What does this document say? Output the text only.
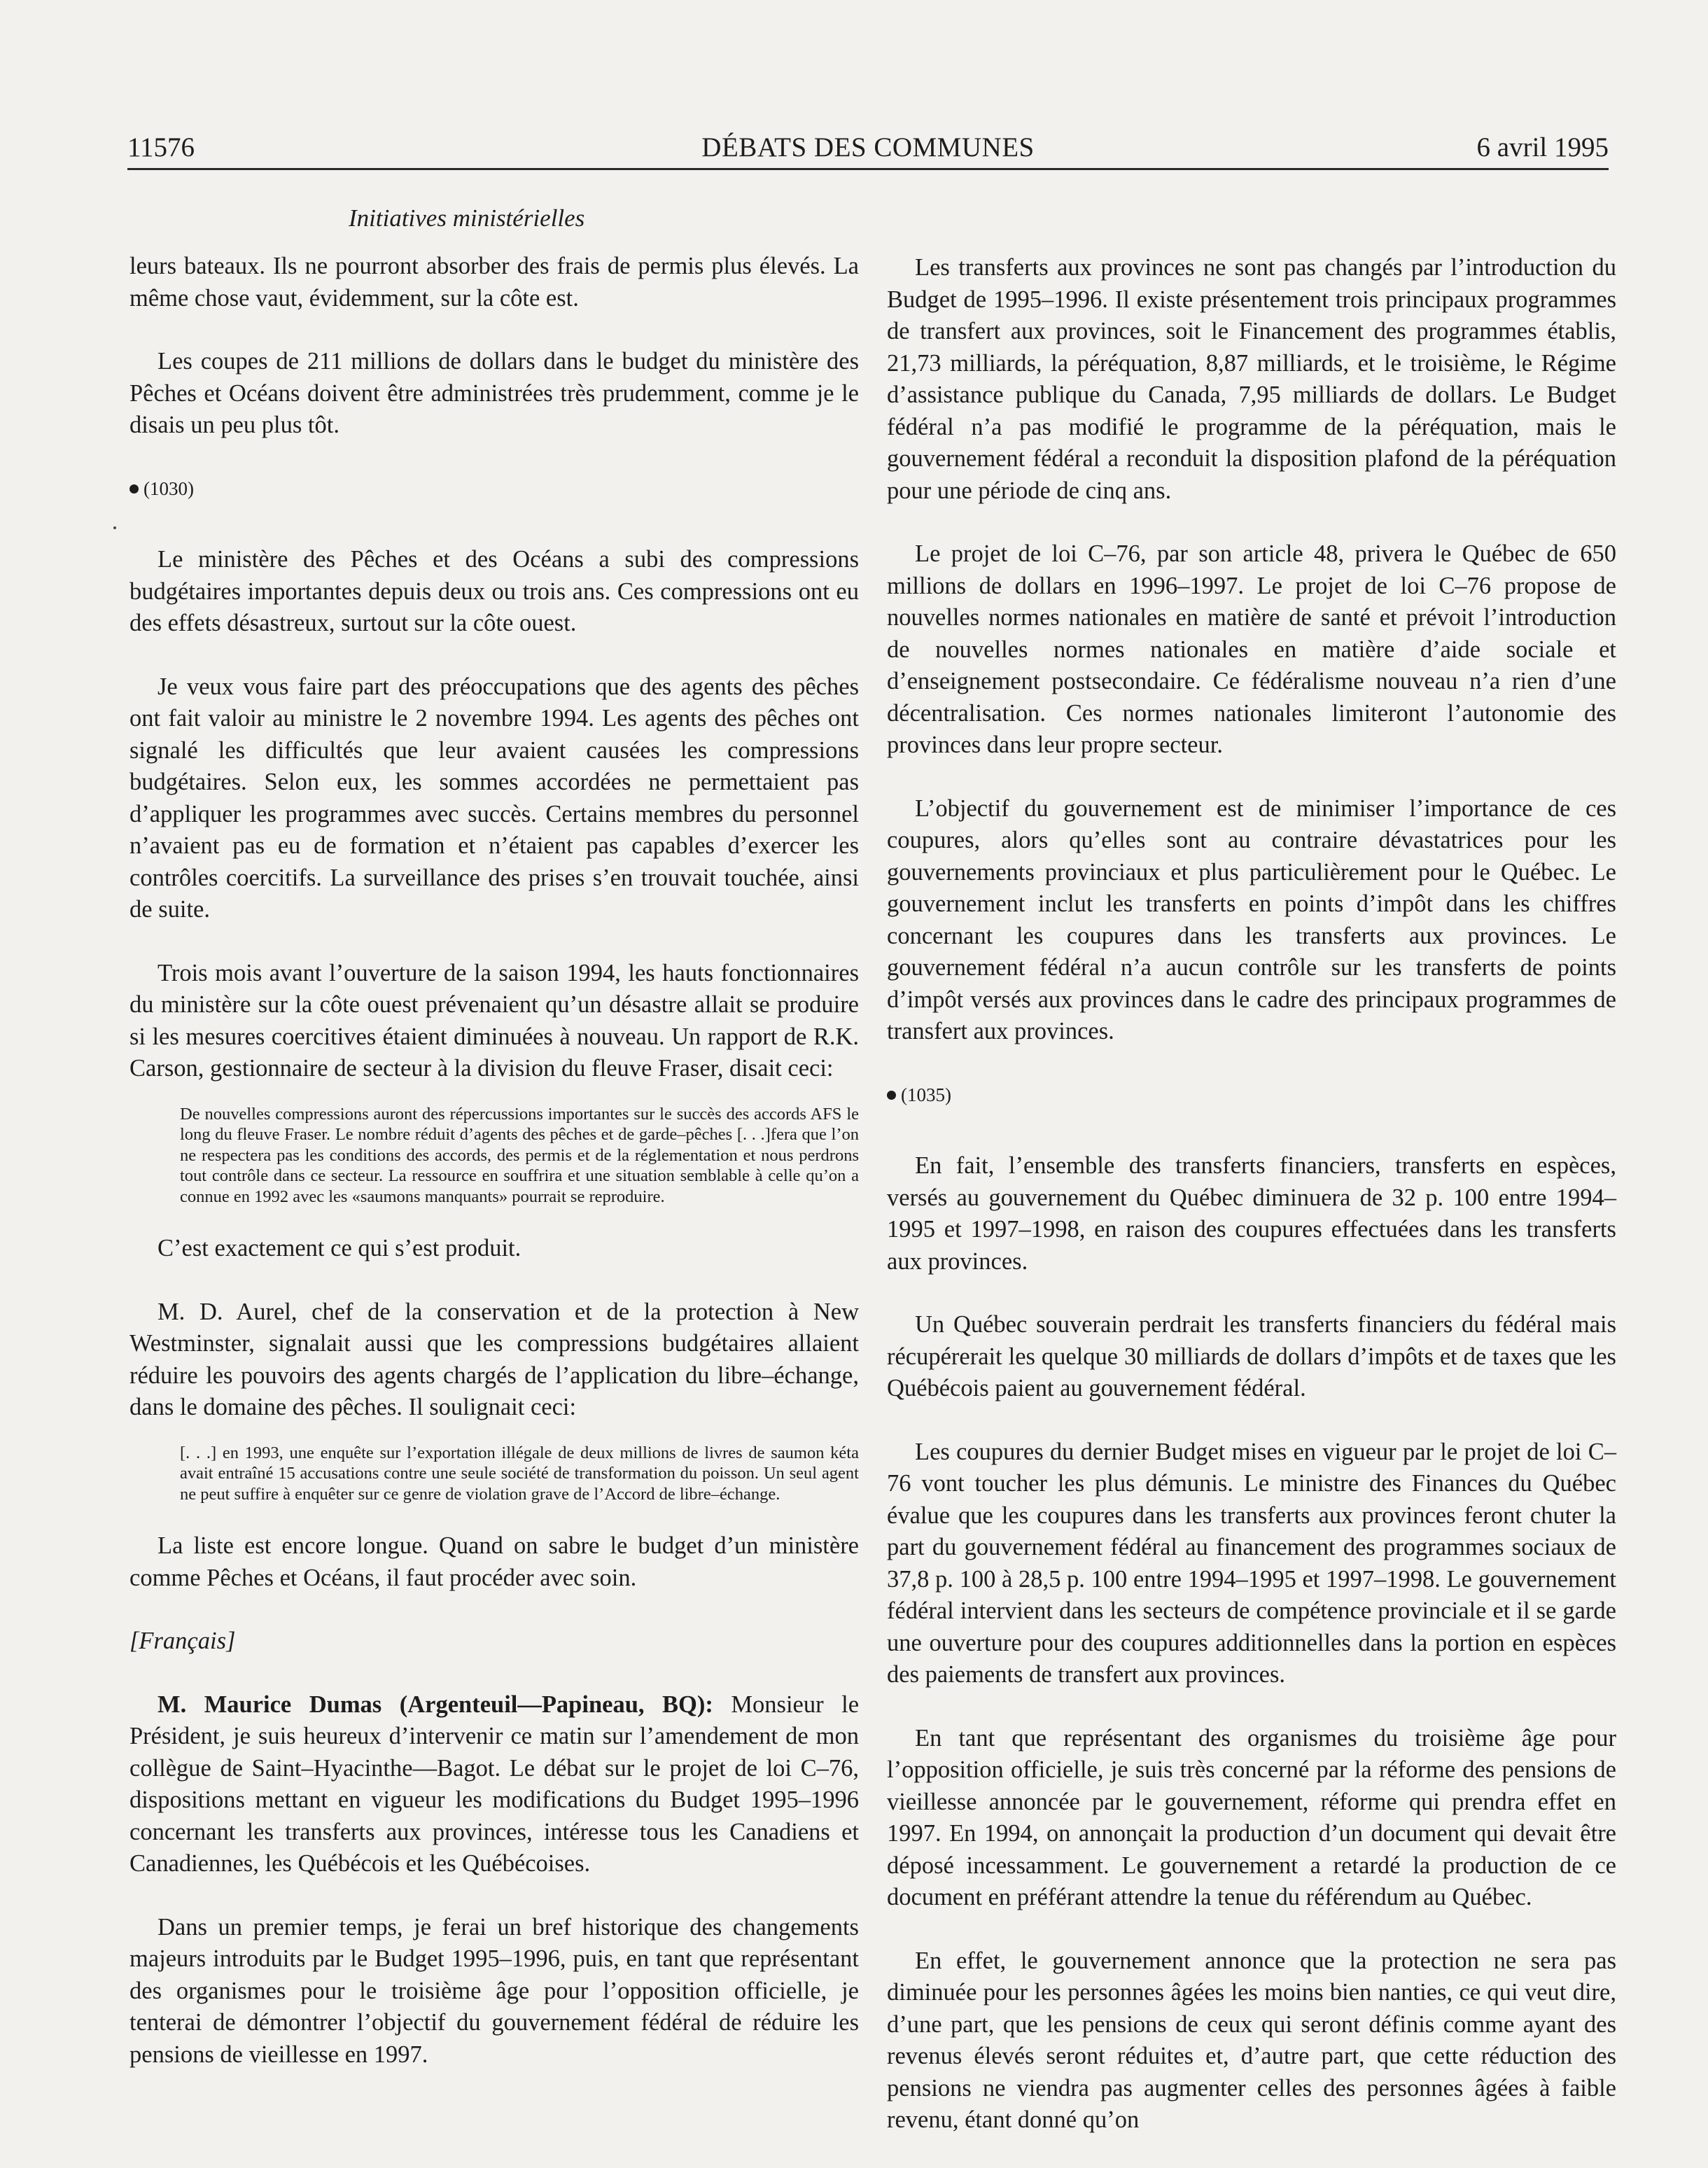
11576	DÉBATS DES COMMUNES	6 avril 1995
Initiatives ministérielles

leurs bateaux. Ils ne pourront absorber des frais de permis plus élevés. La même chose vaut, évidemment, sur la côte est.

Les coupes de 211 millions de dollars dans le budget du ministère des Pêches et Océans doivent être administrées très prudemment, comme je le disais un peu plus tôt.

(1030)

Le ministère des Pêches et des Océans a subi des compressions budgétaires importantes depuis deux ou trois ans. Ces compressions ont eu des effets désastreux, surtout sur la côte ouest.

Je veux vous faire part des préoccupations que des agents des pêches ont fait valoir au ministre le 2 novembre 1994. Les agents des pêches ont signalé les difficultés que leur avaient causées les compressions budgétaires. Selon eux, les sommes accordées ne permettaient pas d’appliquer les programmes avec succès. Certains membres du personnel n’avaient pas eu de formation et n’étaient pas capables d’exercer les contrôles coercitifs. La surveillance des prises s’en trouvait touchée, ainsi de suite.

Trois mois avant l’ouverture de la saison 1994, les hauts fonctionnaires du ministère sur la côte ouest prévenaient qu’un désastre allait se produire si les mesures coercitives étaient diminuées à nouveau. Un rapport de R.K. Carson, gestionnaire de secteur à la division du fleuve Fraser, disait ceci:

De nouvelles compressions auront des répercussions importantes sur le succès des accords AFS le long du fleuve Fraser. Le nombre réduit d’agents des pêches et de garde–pêches [. . .]fera que l’on ne respectera pas les conditions des accords, des permis et de la réglementation et nous perdrons tout contrôle dans ce secteur. La ressource en souffrira et une situation semblable à celle qu’on a connue en 1992 avec les «saumons manquants» pourrait se reproduire.

C’est exactement ce qui s’est produit.

M. D. Aurel, chef de la conservation et de la protection à New Westminster, signalait aussi que les compressions budgétaires allaient réduire les pouvoirs des agents chargés de l’application du libre–échange, dans le domaine des pêches. Il soulignait ceci:

[. . .] en 1993, une enquête sur l’exportation illégale de deux millions de livres de saumon kéta avait entraîné 15 accusations contre une seule société de transformation du poisson. Un seul agent ne peut suffire à enquêter sur ce genre de violation grave de l’Accord de libre–échange.

La liste est encore longue. Quand on sabre le budget d’un ministère comme Pêches et Océans, il faut procéder avec soin.

[Français]

M. Maurice Dumas (Argenteuil—Papineau, BQ): Monsieur le Président, je suis heureux d’intervenir ce matin sur l’amendement de mon collègue de Saint–Hyacinthe—Bagot. Le débat sur le projet de loi C–76, dispositions mettant en vigueur les modifications du Budget 1995–1996 concernant les transferts aux provinces, intéresse tous les Canadiens et Canadiennes, les Québécois et les Québécoises.

Dans un premier temps, je ferai un bref historique des changements majeurs introduits par le Budget 1995–1996, puis, en tant que représentant des organismes pour le troisième âge pour l’opposition officielle, je tenterai de démontrer l’objectif du gouvernement fédéral de réduire les pensions de vieillesse en 1997.

Les transferts aux provinces ne sont pas changés par l’introduction du Budget de 1995–1996. Il existe présentement trois principaux programmes de transfert aux provinces, soit le Financement des programmes établis, 21,73 milliards, la péréquation, 8,87 milliards, et le troisième, le Régime d’assistance publique du Canada, 7,95 milliards de dollars. Le Budget fédéral n’a pas modifié le programme de la péréquation, mais le gouvernement fédéral a reconduit la disposition plafond de la péréquation pour une période de cinq ans.

Le projet de loi C–76, par son article 48, privera le Québec de 650 millions de dollars en 1996–1997. Le projet de loi C–76 propose de nouvelles normes nationales en matière de santé et prévoit l’introduction de nouvelles normes nationales en matière d’aide sociale et d’enseignement postsecondaire. Ce fédéralisme nouveau n’a rien d’une décentralisation. Ces normes nationales limiteront l’autonomie des provinces dans leur propre secteur.

L’objectif du gouvernement est de minimiser l’importance de ces coupures, alors qu’elles sont au contraire dévastatrices pour les gouvernements provinciaux et plus particulièrement pour le Québec. Le gouvernement inclut les transferts en points d’impôt dans les chiffres concernant les coupures dans les transferts aux provinces. Le gouvernement fédéral n’a aucun contrôle sur les transferts de points d’impôt versés aux provinces dans le cadre des principaux programmes de transfert aux provinces.

(1035)

En fait, l’ensemble des transferts financiers, transferts en espèces, versés au gouvernement du Québec diminuera de 32 p. 100 entre 1994–1995 et 1997–1998, en raison des coupures effectuées dans les transferts aux provinces.

Un Québec souverain perdrait les transferts financiers du fédéral mais récupérerait les quelque 30 milliards de dollars d’impôts et de taxes que les Québécois paient au gouvernement fédéral.

Les coupures du dernier Budget mises en vigueur par le projet de loi C–76 vont toucher les plus démunis. Le ministre des Finances du Québec évalue que les coupures dans les transferts aux provinces feront chuter la part du gouvernement fédéral au financement des programmes sociaux de 37,8 p. 100 à 28,5 p. 100 entre 1994–1995 et 1997–1998. Le gouvernement fédéral intervient dans les secteurs de compétence provinciale et il se garde une ouverture pour des coupures additionnelles dans la portion en espèces des paiements de transfert aux provinces.

En tant que représentant des organismes du troisième âge pour l’opposition officielle, je suis très concerné par la réforme des pensions de vieillesse annoncée par le gouvernement, réforme qui prendra effet en 1997. En 1994, on annonçait la production d’un document qui devait être déposé incessamment. Le gouvernement a retardé la production de ce document en préférant attendre la tenue du référendum au Québec.

En effet, le gouvernement annonce que la protection ne sera pas diminuée pour les personnes âgées les moins bien nanties, ce qui veut dire, d’une part, que les pensions de ceux qui seront définis comme ayant des revenus élevés seront réduites et, d’autre part, que cette réduction des pensions ne viendra pas augmenter celles des personnes âgées à faible revenu, étant donné qu’on
